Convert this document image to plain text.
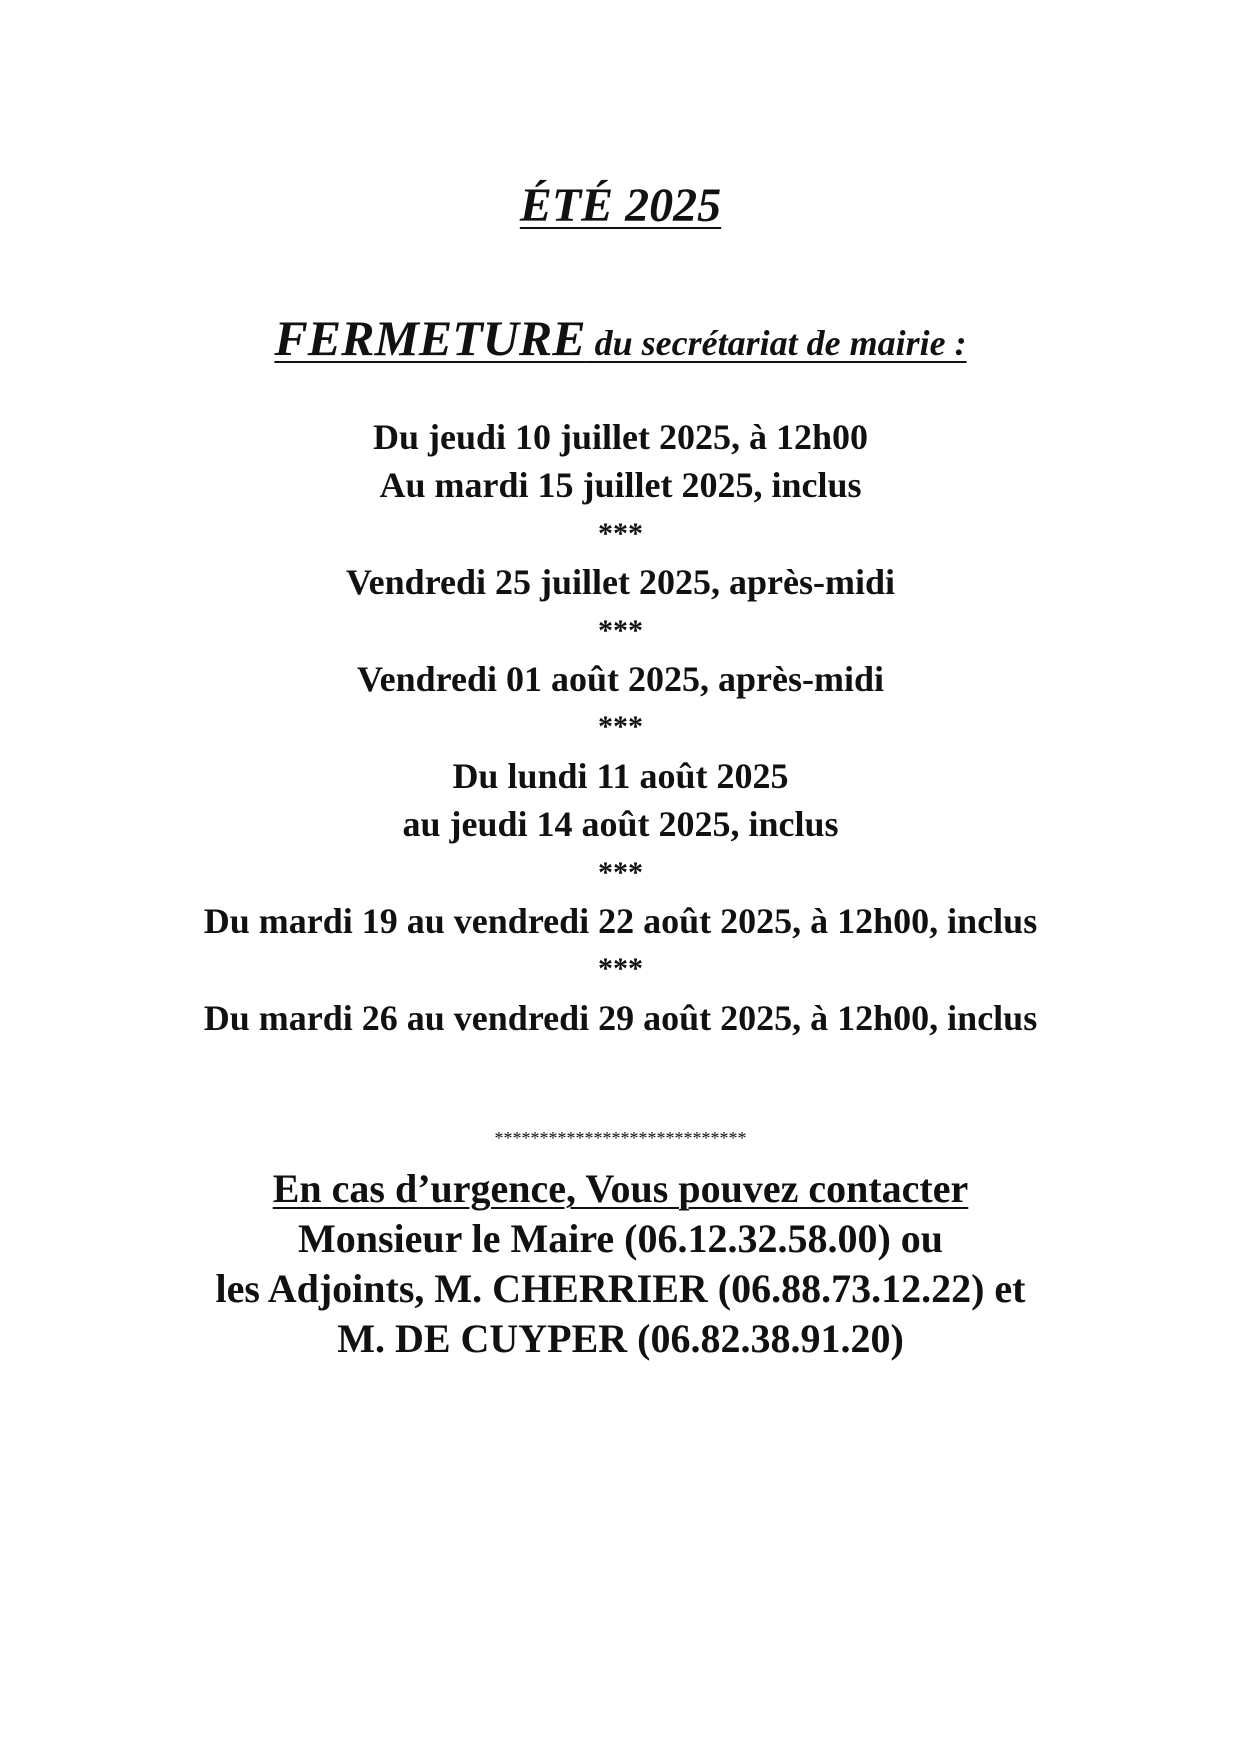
ÉTÉ 2025
FERMETURE du secrétariat de mairie :
Du jeudi 10 juillet 2025, à 12h00
Au mardi 15 juillet 2025, inclus
***
Vendredi 25 juillet 2025, après-midi
***
Vendredi 01 août 2025, après-midi
***
Du lundi 11 août 2025
au jeudi 14 août 2025, inclus
***
Du mardi 19 au vendredi 22 août 2025, à 12h00, inclus
***
Du mardi 26 au vendredi 29 août 2025, à 12h00, inclus
****************************
En cas d’urgence, Vous pouvez contacter
Monsieur le Maire (06.12.32.58.00) ou
les Adjoints, M. CHERRIER (06.88.73.12.22) et
M. DE CUYPER (06.82.38.91.20)
